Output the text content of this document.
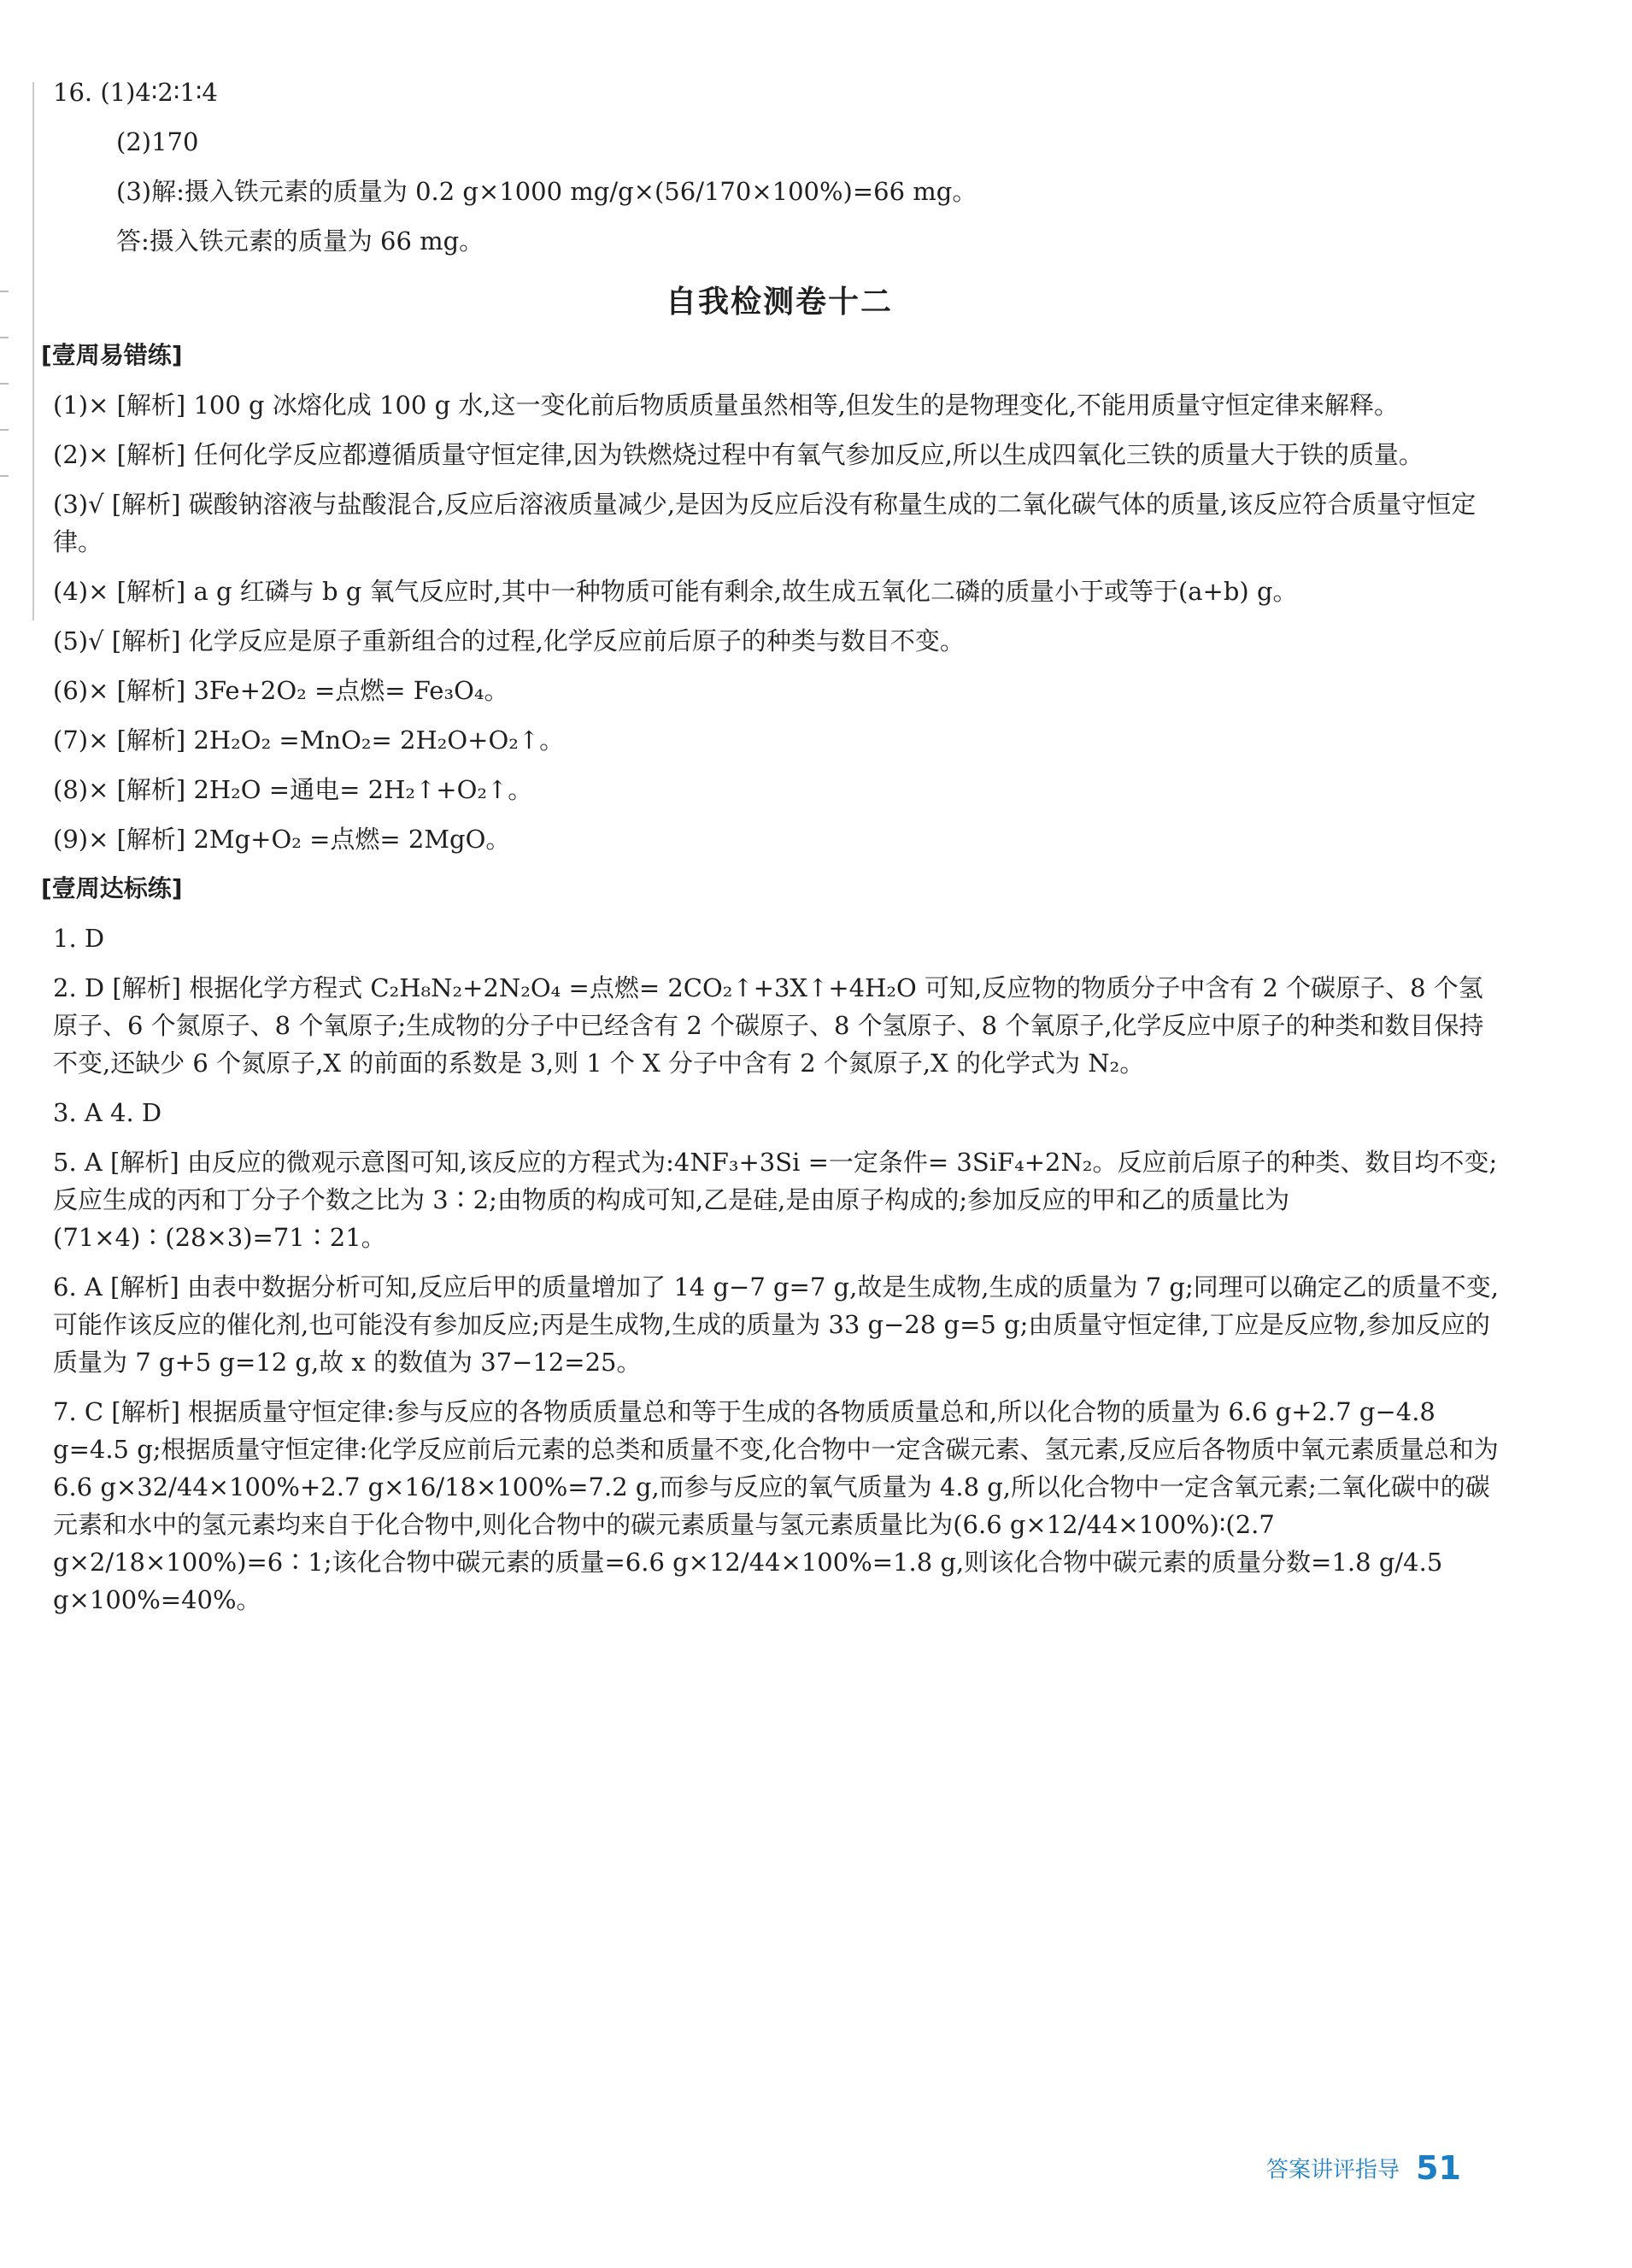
16. (1)4∶2∶1∶4
(2)170
(3)解:摄入铁元素的质量为 0.2 g×1000 mg/g×(56/170×100%)=66 mg。
答:摄入铁元素的质量为 66 mg。
自我检测卷十二
[壹周易错练]
(1)× [解析] 100 g 冰熔化成 100 g 水,这一变化前后物质质量虽然相等,但发生的是物理变化,不能用质量守恒定律来解释。
(2)× [解析] 任何化学反应都遵循质量守恒定律,因为铁燃烧过程中有氧气参加反应,所以生成四氧化三铁的质量大于铁的质量。
(3)√ [解析] 碳酸钠溶液与盐酸混合,反应后溶液质量减少,是因为反应后没有称量生成的二氧化碳气体的质量,该反应符合质量守恒定律。
(4)× [解析] a g 红磷与 b g 氧气反应时,其中一种物质可能有剩余,故生成五氧化二磷的质量小于或等于(a+b) g。
(5)√ [解析] 化学反应是原子重新组合的过程,化学反应前后原子的种类与数目不变。
(6)× [解析] 3Fe+2O₂ =点燃= Fe₃O₄。
(7)× [解析] 2H₂O₂ =MnO₂= 2H₂O+O₂↑。
(8)× [解析] 2H₂O =通电= 2H₂↑+O₂↑。
(9)× [解析] 2Mg+O₂ =点燃= 2MgO。
[壹周达标练]
1. D
2. D [解析] 根据化学方程式 C₂H₈N₂+2N₂O₄ =点燃= 2CO₂↑+3X↑+4H₂O 可知,反应物的物质分子中含有 2 个碳原子、8 个氢原子、6 个氮原子、8 个氧原子;生成物的分子中已经含有 2 个碳原子、8 个氢原子、8 个氧原子,化学反应中原子的种类和数目保持不变,还缺少 6 个氮原子,X 的前面的系数是 3,则 1 个 X 分子中含有 2 个氮原子,X 的化学式为 N₂。
3. A 4. D
5. A [解析] 由反应的微观示意图可知,该反应的方程式为:4NF₃+3Si =一定条件= 3SiF₄+2N₂。反应前后原子的种类、数目均不变;反应生成的丙和丁分子个数之比为 3∶2;由物质的构成可知,乙是硅,是由原子构成的;参加反应的甲和乙的质量比为(71×4)∶(28×3)=71∶21。
6. A [解析] 由表中数据分析可知,反应后甲的质量增加了 14 g−7 g=7 g,故是生成物,生成的质量为 7 g;同理可以确定乙的质量不变,可能作该反应的催化剂,也可能没有参加反应;丙是生成物,生成的质量为 33 g−28 g=5 g;由质量守恒定律,丁应是反应物,参加反应的质量为 7 g+5 g=12 g,故 x 的数值为 37−12=25。
7. C [解析] 根据质量守恒定律:参与反应的各物质质量总和等于生成的各物质质量总和,所以化合物的质量为 6.6 g+2.7 g−4.8 g=4.5 g;根据质量守恒定律:化学反应前后元素的总类和质量不变,化合物中一定含碳元素、氢元素,反应后各物质中氧元素质量总和为 6.6 g×32/44×100%+2.7 g×16/18×100%=7.2 g,而参与反应的氧气质量为 4.8 g,所以化合物中一定含氧元素;二氧化碳中的碳元素和水中的氢元素均来自于化合物中,则化合物中的碳元素质量与氢元素质量比为(6.6 g×12/44×100%)∶(2.7 g×2/18×100%)=6∶1;该化合物中碳元素的质量=6.6 g×12/44×100%=1.8 g,则该化合物中碳元素的质量分数=1.8 g/4.5 g×100%=40%。
答案讲评指导 51
